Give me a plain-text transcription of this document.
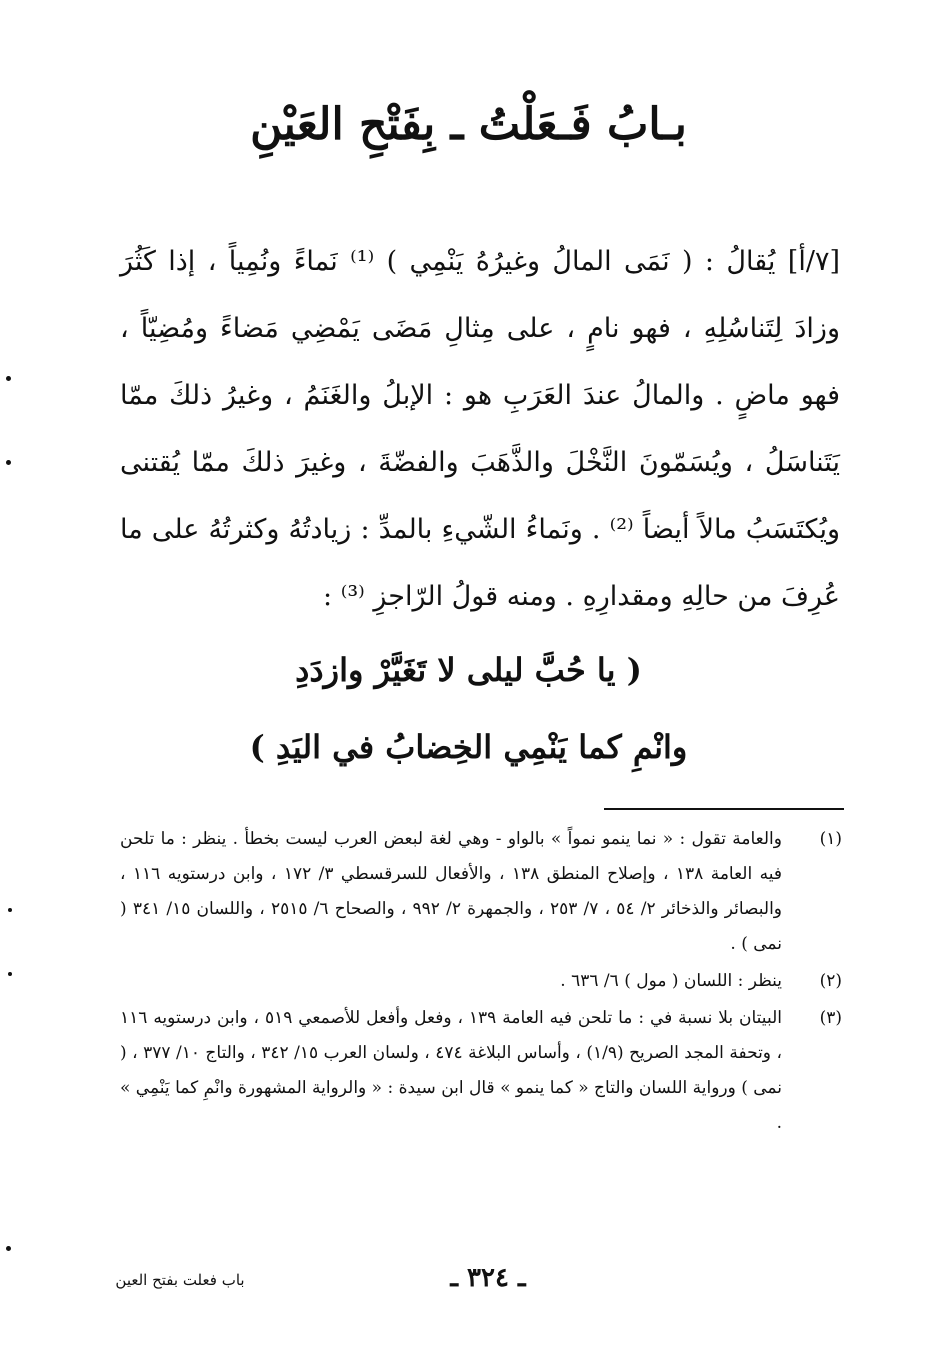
بـابُ فَـعَلْتُ ـ بِفَتْحِ العَيْنِ

[٧/أ] يُقالُ : ( نَمَى المالُ وغيرُهُ يَنْمِي ) ⁽¹⁾ نَماءً ونُمِياً ، إذا كَثُرَ وزادَ لِتَناسُلِهِ ، فهو نامٍ ، على مِثالِ مَضَى يَمْضِي مَضاءً ومُضِيّاً ، فهو ماضٍ . والمالُ عندَ العَرَبِ هو : الإبلُ والغَنَمُ ، وغيرُ ذلكَ ممّا يَتَناسَلُ ، ويُسَمّونَ النَّخْلَ والذَّهَبَ والفضّةَ ، وغيرَ ذلكَ ممّا يُقتنى ويُكتَسَبُ مالاً أيضاً ⁽²⁾ . ونَماءُ الشّيءِ بالمدِّ : زيادتُهُ وكثرتُهُ على ما عُرِفَ من حالِهِ ومقدارِهِ . ومنه قولُ الرّاجزِ ⁽³⁾ :

( يا حُبَّ ليلى لا تَغَيَّرْ وازدَدِ
وانْمِ كما يَنْمِي الخِضابُ في اليَدِ )
(١)
والعامة تقول : « نما ينمو نمواً » بالواو - وهي لغة لبعض العرب ليست بخطأ . ينظر : ما تلحن فيه العامة ١٣٨ ، وإصلاح المنطق ١٣٨ ، والأفعال للسرقسطي ٣/ ١٧٢ ، وابن درستويه ١١٦ ، والبصائر والذخائر ٢/ ٥٤ ، ٧/ ٢٥٣ ، والجمهرة ٢/ ٩٩٢ ، والصحاح ٦/ ٢٥١٥ ، واللسان ١٥/ ٣٤١ ( نمى ) .
(٢)
ينظر : اللسان ( مول ) ٦/ ٦٣٦ .
(٣)
البيتان بلا نسبة في : ما تلحن فيه العامة ١٣٩ ، وفعل وأفعل للأصمعي ٥١٩ ، وابن درستويه ١١٦ ، وتحفة المجد الصريح (١/٩) ، وأساس البلاغة ٤٧٤ ، ولسان العرب ١٥/ ٣٤٢ ، والتاج ١٠/ ٣٧٧ ، ( نمى ) ورواية اللسان والتاج « كما ينمو » قال ابن سيدة : « والرواية المشهورة وانْمِ كما يَنْمِي » .
ـ ٣٢٤ ـ
باب فعلت بفتح العين
